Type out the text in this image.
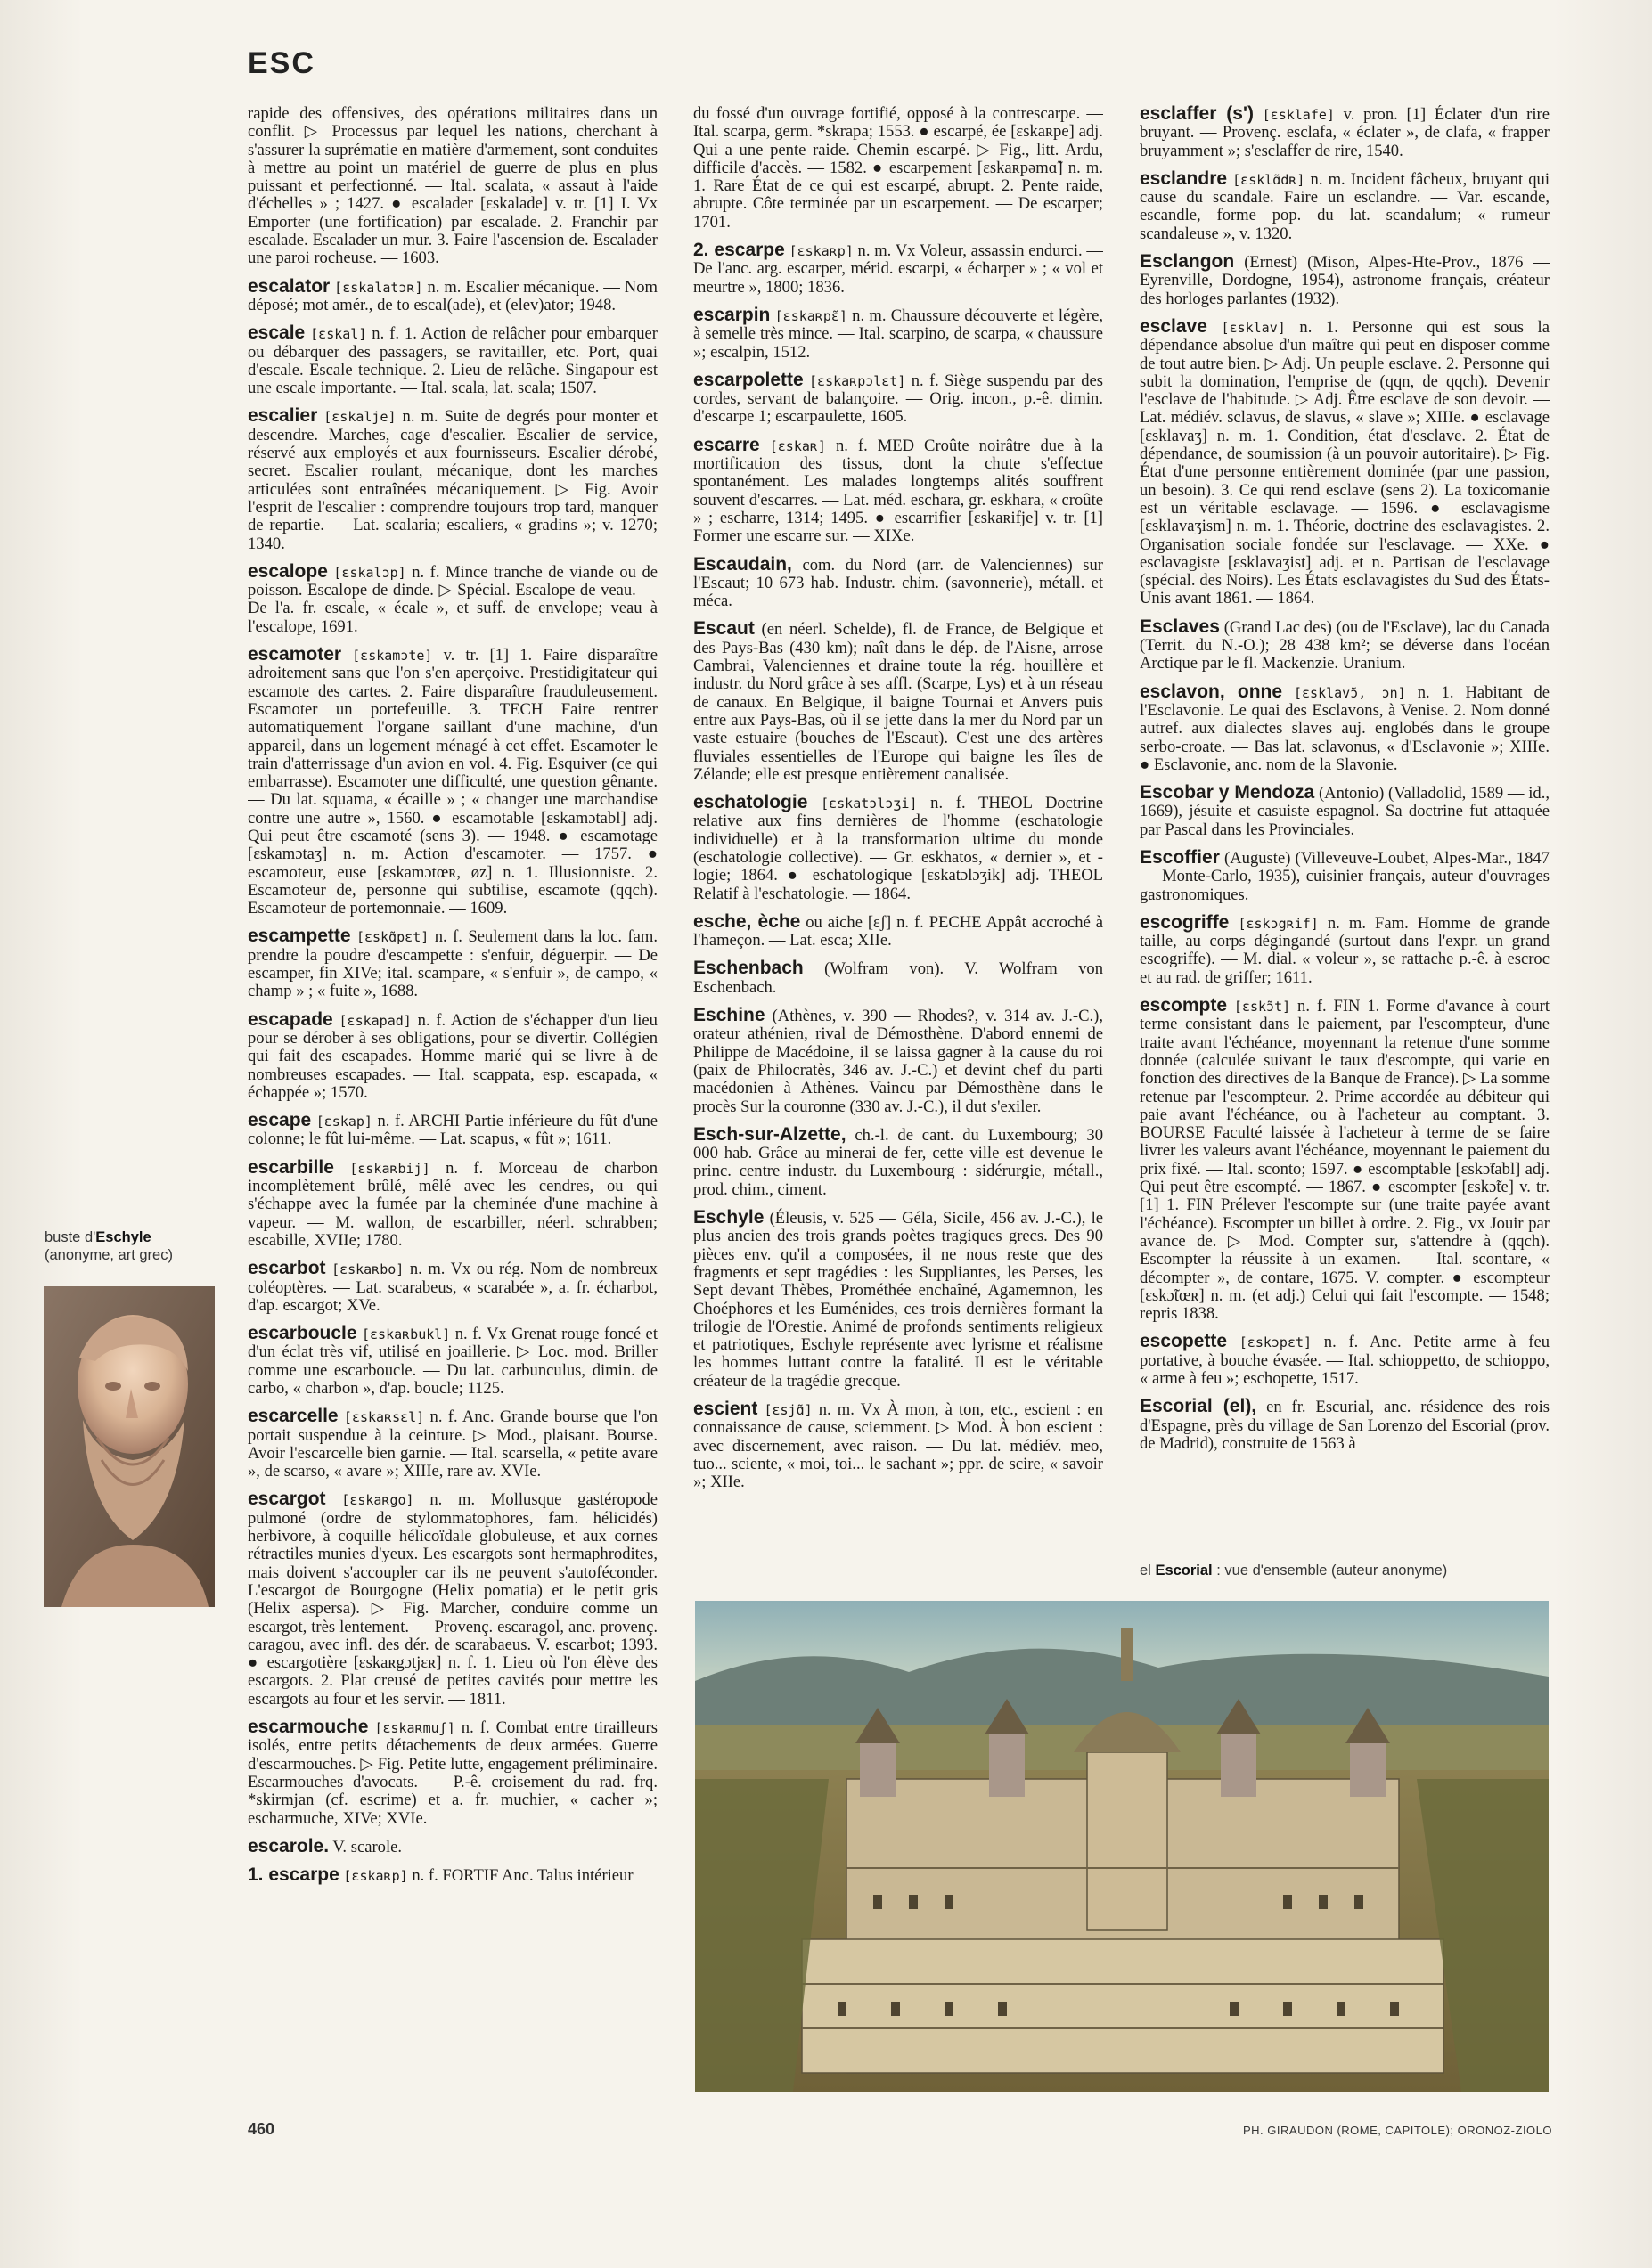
ESC

rapide des offensives, des opérations militaires dans un conflit. ▷ Processus par lequel les nations, cherchant à s'assurer la suprématie en matière d'armement, sont conduites à mettre au point un matériel de guerre de plus en plus puissant et perfectionné. — Ital. scalata, « assaut à l'aide d'échelles » ; 1427. ● escalader [ɛskalade] v. tr. [1] I. Vx Emporter (une fortification) par escalade. 2. Franchir par escalade. Escalader un mur. 3. Faire l'ascension de. Escalader une paroi rocheuse. — 1603.

escalator [ɛskalatɔʀ] n. m. Escalier mécanique. — Nom déposé; mot amér., de to escal(ade), et (elev)ator; 1948.

escale [ɛskal] n. f. 1. Action de relâcher pour embarquer ou débarquer des passagers, se ravitailler, etc. Port, quai d'escale. Escale technique. 2. Lieu de relâche. Singapour est une escale importante. — Ital. scala, lat. scala; 1507.

escalier [ɛskalje] n. m. Suite de degrés pour monter et descendre. Marches, cage d'escalier. Escalier de service, réservé aux employés et aux fournisseurs. Escalier dérobé, secret. Escalier roulant, mécanique, dont les marches articulées sont entraînées mécaniquement. ▷ Fig. Avoir l'esprit de l'escalier : comprendre toujours trop tard, manquer de repartie. — Lat. scalaria; escaliers, « gradins »; v. 1270; 1340.

escalope [ɛskalɔp] n. f. Mince tranche de viande ou de poisson. Escalope de dinde. ▷ Spécial. Escalope de veau. — De l'a. fr. escale, « écale », et suff. de envelope; veau à l'escalope, 1691.

escamoter [ɛskamɔte] v. tr. [1] 1. Faire disparaître adroitement sans que l'on s'en aperçoive. Prestidigitateur qui escamote des cartes. 2. Faire disparaître frauduleusement. Escamoter un portefeuille. 3. TECH Faire rentrer automatiquement l'organe saillant d'une machine, d'un appareil, dans un logement ménagé à cet effet. Escamoter le train d'atterrissage d'un avion en vol. 4. Fig. Esquiver (ce qui embarrasse). Escamoter une difficulté, une question gênante. — Du lat. squama, « écaille » ; « changer une marchandise contre une autre », 1560. ● escamotable [ɛskamɔtabl] adj. Qui peut être escamoté (sens 3). — 1948. ● escamotage [ɛskamɔtaʒ] n. m. Action d'escamoter. — 1757. ● escamoteur, euse [ɛskamɔtœʀ, øz] n. 1. Illusionniste. 2. Escamoteur de, personne qui subtilise, escamote (qqch). Escamoteur de portemonnaie. — 1609.

escampette [ɛskɑ̃pɛt] n. f. Seulement dans la loc. fam. prendre la poudre d'escampette : s'enfuir, déguerpir. — De escamper, fin XIVe; ital. scampare, « s'enfuir », de campo, « champ » ; « fuite », 1688.

escapade [ɛskapad] n. f. Action de s'échapper d'un lieu pour se dérober à ses obligations, pour se divertir. Collégien qui fait des escapades. Homme marié qui se livre à de nombreuses escapades. — Ital. scappata, esp. escapada, « échappée »; 1570.

escape [ɛskap] n. f. ARCHI Partie inférieure du fût d'une colonne; le fût lui-même. — Lat. scapus, « fût »; 1611.

escarbille [ɛskaʀbij] n. f. Morceau de charbon incomplètement brûlé, mêlé avec les cendres, ou qui s'échappe avec la fumée par la cheminée d'une machine à vapeur. — M. wallon, de escarbiller, néerl. schrabben; escabille, XVIIe; 1780.

escarbot [ɛskaʀbo] n. m. Vx ou rég. Nom de nombreux coléoptères. — Lat. scarabeus, « scarabée », a. fr. écharbot, d'ap. escargot; XVe.

escarboucle [ɛskaʀbukl] n. f. Vx Grenat rouge foncé et d'un éclat très vif, utilisé en joaillerie. ▷ Loc. mod. Briller comme une escarboucle. — Du lat. carbunculus, dimin. de carbo, « charbon », d'ap. boucle; 1125.

escarcelle [ɛskaʀsɛl] n. f. Anc. Grande bourse que l'on portait suspendue à la ceinture. ▷ Mod., plaisant. Bourse. Avoir l'escarcelle bien garnie. — Ital. scarsella, « petite avare », de scarso, « avare »; XIIIe, rare av. XVIe.

escargot [ɛskaʀgo] n. m. Mollusque gastéropode pulmoné (ordre de stylommatophores, fam. hélicidés) herbivore, à coquille hélicoïdale globuleuse, et aux cornes rétractiles munies d'yeux. Les escargots sont hermaphrodites, mais doivent s'accoupler car ils ne peuvent s'autoféconder. L'escargot de Bourgogne (Helix pomatia) et le petit gris (Helix aspersa). ▷ Fig. Marcher, conduire comme un escargot, très lentement. — Provenç. escaragol, anc. provenç. caragou, avec infl. des dér. de scarabaeus. V. escarbot; 1393. ● escargotière [ɛskaʀgɔtjɛʀ] n. f. 1. Lieu où l'on élève des escargots. 2. Plat creusé de petites cavités pour mettre les escargots au four et les servir. — 1811.

escarmouche [ɛskaʀmuʃ] n. f. Combat entre tirailleurs isolés, entre petits détachements de deux armées. Guerre d'escarmouches. ▷ Fig. Petite lutte, engagement préliminaire. Escarmouches d'avocats. — P.-ê. croisement du rad. frq. *skirmjan (cf. escrime) et a. fr. muchier, « cacher »; escharmuche, XIVe; XVIe.

escarole. V. scarole.

1. escarpe [ɛskaʀp] n. f. FORTIF Anc. Talus intérieur

du fossé d'un ouvrage fortifié, opposé à la contrescarpe. — Ital. scarpa, germ. *skrapa; 1553. ● escarpé, ée [ɛskaʀpe] adj. Qui a une pente raide. Chemin escarpé. ▷ Fig., litt. Ardu, difficile d'accès. — 1582. ● escarpement [ɛskaʀpəmɑ̃] n. m. 1. Rare État de ce qui est escarpé, abrupt. 2. Pente raide, abrupte. Côte terminée par un escarpement. — De escarper; 1701.

2. escarpe [ɛskaʀp] n. m. Vx Voleur, assassin endurci. — De l'anc. arg. escarper, mérid. escarpi, « écharper » ; « vol et meurtre », 1800; 1836.

escarpin [ɛskaʀpɛ̃] n. m. Chaussure découverte et légère, à semelle très mince. — Ital. scarpino, de scarpa, « chaussure »; escalpin, 1512.

escarpolette [ɛskaʀpɔlɛt] n. f. Siège suspendu par des cordes, servant de balançoire. — Orig. incon., p.-ê. dimin. d'escarpe 1; escarpaulette, 1605.

escarre [ɛskaʀ] n. f. MED Croûte noirâtre due à la mortification des tissus, dont la chute s'effectue spontanément. Les malades longtemps alités souffrent souvent d'escarres. — Lat. méd. eschara, gr. eskhara, « croûte » ; escharre, 1314; 1495. ● escarrifier [ɛskaʀifje] v. tr. [1] Former une escarre sur. — XIXe.

Escaudain, com. du Nord (arr. de Valenciennes) sur l'Escaut; 10 673 hab. Industr. chim. (savonnerie), métall. et méca.

Escaut (en néerl. Schelde), fl. de France, de Belgique et des Pays-Bas (430 km); naît dans le dép. de l'Aisne, arrose Cambrai, Valenciennes et draine toute la rég. houillère et industr. du Nord grâce à ses affl. (Scarpe, Lys) et à un réseau de canaux. En Belgique, il baigne Tournai et Anvers puis entre aux Pays-Bas, où il se jette dans la mer du Nord par un vaste estuaire (bouches de l'Escaut). C'est une des artères fluviales essentielles de l'Europe qui baigne les îles de Zélande; elle est presque entièrement canalisée.

eschatologie [ɛskatɔlɔʒi] n. f. THEOL Doctrine relative aux fins dernières de l'homme (eschatologie individuelle) et à la transformation ultime du monde (eschatologie collective). — Gr. eskhatos, « dernier », et -logie; 1864. ● eschatologique [ɛskatɔlɔʒik] adj. THEOL Relatif à l'eschatologie. — 1864.

esche, èche ou aiche [ɛʃ] n. f. PECHE Appât accroché à l'hameçon. — Lat. esca; XIIe.

Eschenbach (Wolfram von). V. Wolfram von Eschenbach.

Eschine (Athènes, v. 390 — Rhodes?, v. 314 av. J.-C.), orateur athénien, rival de Démosthène. D'abord ennemi de Philippe de Macédoine, il se laissa gagner à la cause du roi (paix de Philocratès, 346 av. J.-C.) et devint chef du parti macédonien à Athènes. Vaincu par Démosthène dans le procès Sur la couronne (330 av. J.-C.), il dut s'exiler.

Esch-sur-Alzette, ch.-l. de cant. du Luxembourg; 30 000 hab. Grâce au minerai de fer, cette ville est devenue le princ. centre industr. du Luxembourg : sidérurgie, métall., prod. chim., ciment.

Eschyle (Éleusis, v. 525 — Géla, Sicile, 456 av. J.-C.), le plus ancien des trois grands poètes tragiques grecs. Des 90 pièces env. qu'il a composées, il ne nous reste que des fragments et sept tragédies : les Suppliantes, les Perses, les Sept devant Thèbes, Prométhée enchaîné, Agamemnon, les Choéphores et les Euménides, ces trois dernières formant la trilogie de l'Orestie. Animé de profonds sentiments religieux et patriotiques, Eschyle représente avec lyrisme et réalisme les hommes luttant contre la fatalité. Il est le véritable créateur de la tragédie grecque.

escient [ɛsjɑ̃] n. m. Vx À mon, à ton, etc., escient : en connaissance de cause, sciemment. ▷ Mod. À bon escient : avec discernement, avec raison. — Du lat. médiév. meo, tuo... sciente, « moi, toi... le sachant »; ppr. de scire, « savoir »; XIIe.

esclaffer (s') [ɛsklafe] v. pron. [1] Éclater d'un rire bruyant. — Provenç. esclafa, « éclater », de clafa, « frapper bruyamment »; s'esclaffer de rire, 1540.

esclandre [ɛsklɑ̃dʀ] n. m. Incident fâcheux, bruyant qui cause du scandale. Faire un esclandre. — Var. escande, escandle, forme pop. du lat. scandalum; « rumeur scandaleuse », v. 1320.

Esclangon (Ernest) (Mison, Alpes-Hte-Prov., 1876 — Eyrenville, Dordogne, 1954), astronome français, créateur des horloges parlantes (1932).

esclave [ɛsklav] n. 1. Personne qui est sous la dépendance absolue d'un maître qui peut en disposer comme de tout autre bien. ▷ Adj. Un peuple esclave. 2. Personne qui subit la domination, l'emprise de (qqn, de qqch). Devenir l'esclave de l'habitude. ▷ Adj. Être esclave de son devoir. — Lat. médiév. sclavus, de slavus, « slave »; XIIIe. ● esclavage [ɛsklavaʒ] n. m. 1. Condition, état d'esclave. 2. État de dépendance, de soumission (à un pouvoir autoritaire). ▷ Fig. État d'une personne entièrement dominée (par une passion, un besoin). 3. Ce qui rend esclave (sens 2). La toxicomanie est un véritable esclavage. — 1596. ● esclavagisme [ɛsklavaʒism] n. m. 1. Théorie, doctrine des esclavagistes. 2. Organisation sociale fondée sur l'esclavage. — XXe. ● esclavagiste [ɛsklavaʒist] adj. et n. Partisan de l'esclavage (spécial. des Noirs). Les États esclavagistes du Sud des États-Unis avant 1861. — 1864.

Esclaves (Grand Lac des) (ou de l'Esclave), lac du Canada (Territ. du N.-O.); 28 438 km²; se déverse dans l'océan Arctique par le fl. Mackenzie. Uranium.

esclavon, onne [ɛsklavɔ̃, ɔn] n. 1. Habitant de l'Esclavonie. Le quai des Esclavons, à Venise. 2. Nom donné autref. aux dialectes slaves auj. englobés dans le groupe serbo-croate. — Bas lat. sclavonus, « d'Esclavonie »; XIIIe. ● Esclavonie, anc. nom de la Slavonie.

Escobar y Mendoza (Antonio) (Valladolid, 1589 — id., 1669), jésuite et casuiste espagnol. Sa doctrine fut attaquée par Pascal dans les Provinciales.

Escoffier (Auguste) (Villeveuve-Loubet, Alpes-Mar., 1847 — Monte-Carlo, 1935), cuisinier français, auteur d'ouvrages gastronomiques.

escogriffe [ɛskɔgʀif] n. m. Fam. Homme de grande taille, au corps dégingandé (surtout dans l'expr. un grand escogriffe). — M. dial. « voleur », se rattache p.-ê. à escroc et au rad. de griffer; 1611.

escompte [ɛskɔ̃t] n. f. FIN 1. Forme d'avance à court terme consistant dans le paiement, par l'escompteur, d'une traite avant l'échéance, moyennant la retenue d'une somme donnée (calculée suivant le taux d'escompte, qui varie en fonction des directives de la Banque de France). ▷ La somme retenue par l'escompteur. 2. Prime accordée au débiteur qui paie avant l'échéance, ou à l'acheteur au comptant. 3. BOURSE Faculté laissée à l'acheteur à terme de se faire livrer les valeurs avant l'échéance, moyennant le paiement du prix fixé. — Ital. sconto; 1597. ● escomptable [ɛskɔ̃tabl] adj. Qui peut être escompté. — 1867. ● escompter [ɛskɔ̃te] v. tr. [1] 1. FIN Prélever l'escompte sur (une traite payée avant l'échéance). Escompter un billet à ordre. 2. Fig., vx Jouir par avance de. ▷ Mod. Compter sur, s'attendre à (qqch). Escompter la réussite à un examen. — Ital. scontare, « décompter », de contare, 1675. V. compter. ● escompteur [ɛskɔ̃tœʀ] n. m. (et adj.) Celui qui fait l'escompte. — 1548; repris 1838.

escopette [ɛskɔpɛt] n. f. Anc. Petite arme à feu portative, à bouche évasée. — Ital. schioppetto, de schioppo, « arme à feu »; eschopette, 1517.

Escorial (el), en fr. Escurial, anc. résidence des rois d'Espagne, près du village de San Lorenzo del Escorial (prov. de Madrid), construite de 1563 à

buste d'Eschyle
(anonyme, art grec)
el Escorial : vue d'ensemble (auteur anonyme)
460	PH. GIRAUDON (ROME, CAPITOLE); ORONOZ-ZIOLO
